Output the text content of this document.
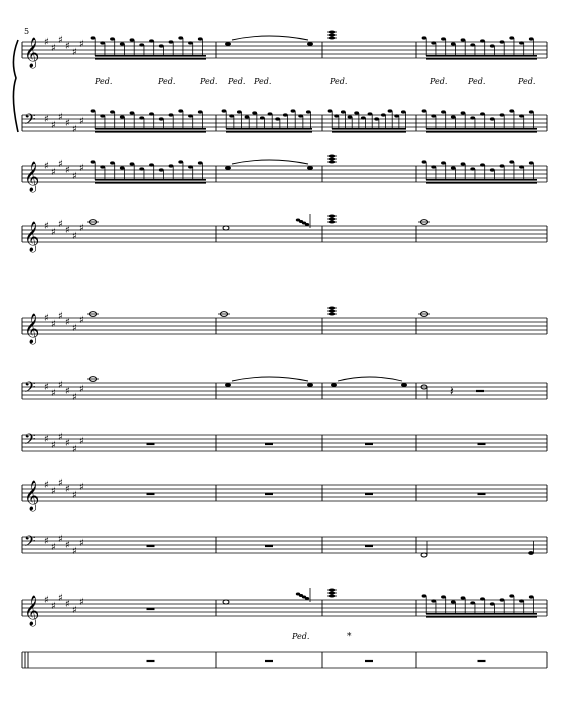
5
𝄞 ♯
♯
♯
♯
♯
♯
𝄢 ♯
♯
♯
♯
♯
♯
𝄞 ♯
♯
♯
♯
♯
♯
𝄞 ♯
♯
♯
♯
♯
♯
𝄞 ♯
♯
♯
♯
♯
♯
𝄢 ♯
♯
♯
♯
♯
♯	𝄽
𝄢 ♯
♯
♯
♯
♯
♯
𝄞 ♯
♯
♯
♯
♯
♯
𝄢 ♯
♯
♯
♯
♯
♯
𝄞 ♯
♯
♯
♯
♯
♯
Ped.	Ped.	Ped. Ped. Ped.	Ped.	Ped.	Ped.	Ped.
Ped.	*
